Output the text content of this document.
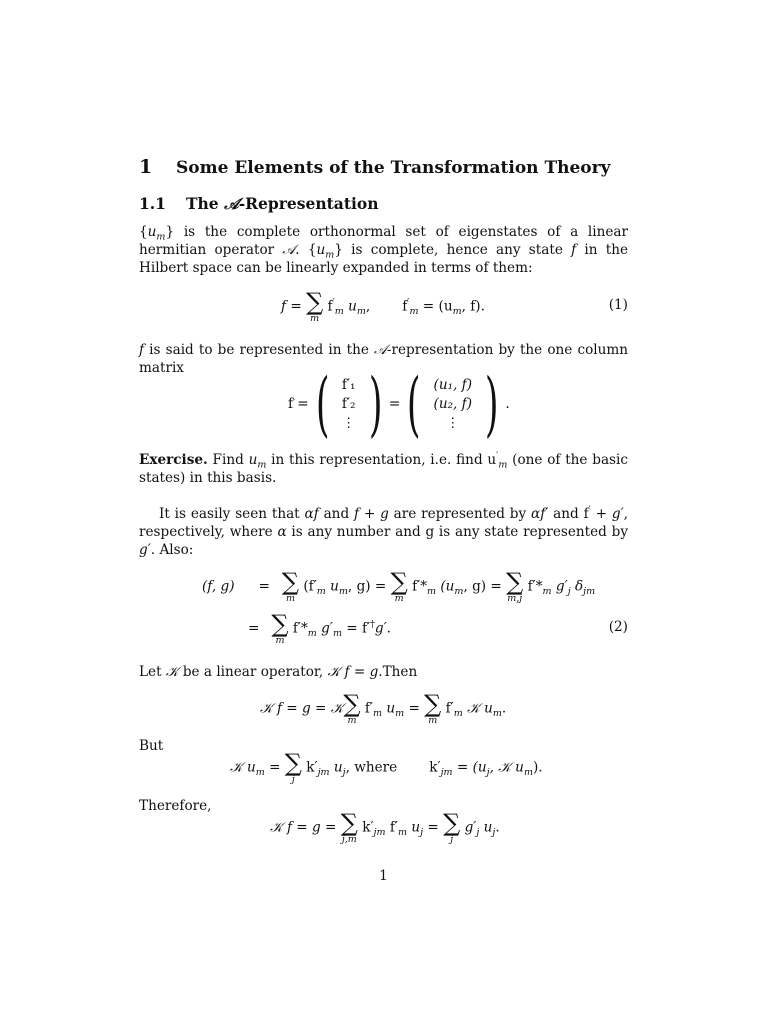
1 Some Elements of the Transformation Theory
1.1 The 𝒜-Representation
$\{u_m\}$ is the complete orthonormal set of eigenstates of a linear hermitian operator 𝒜. $\{u_m\}$ is complete, hence any state f in the Hilbert space can be linearly expanded in terms of them:
f = ∑
m
$f'_m$ $u_m$, $f'_m = (u_m$, f).	(1)
f is said to be represented in the 𝒜-representation by the one column matrix
f ′ = ( f′₁
f′₂
⋮ ) = ( (u₁, f)
(u₂, f)
⋮ ) .
Exercise. Find $u_m$ in this representation, i.e. find $u'_m$ (one of the basic states) in this basis.
It is easily seen that αf and f + g are represented by αf′ and f′ + g′, respectively, where α is any number and g is any state represented by g′. Also:
(f, g) = ∑
m
($f'_m$ $u_m$, g) = ∑
m
$f'*_m$ ($u_m$, g) = ∑
m,j
$f'*_m$ $g'_j$ $\delta_{jm}$
= ∑
m
$f'*_m$ $g'_m = f'^\dagger g'$.	(2)
Let 𝒦 be a linear operator, 𝒦 f = g.Then
𝒦 f = g = 𝒦 ∑
m
$f'_m$ $u_m$ = ∑
m
$f'_m$ 𝒦 $u_m$.
But
𝒦 $u_m$ = ∑
j
$k'_{jm}$ $u_j$, where $k'_{jm} = (u_j$, 𝒦 $u_m$).
Therefore,
𝒦 f = g = ∑
j,m
$k'_{jm}$ $f'_m$ $u_j$ = ∑
j
$g'_j$ $u_j$.
1
